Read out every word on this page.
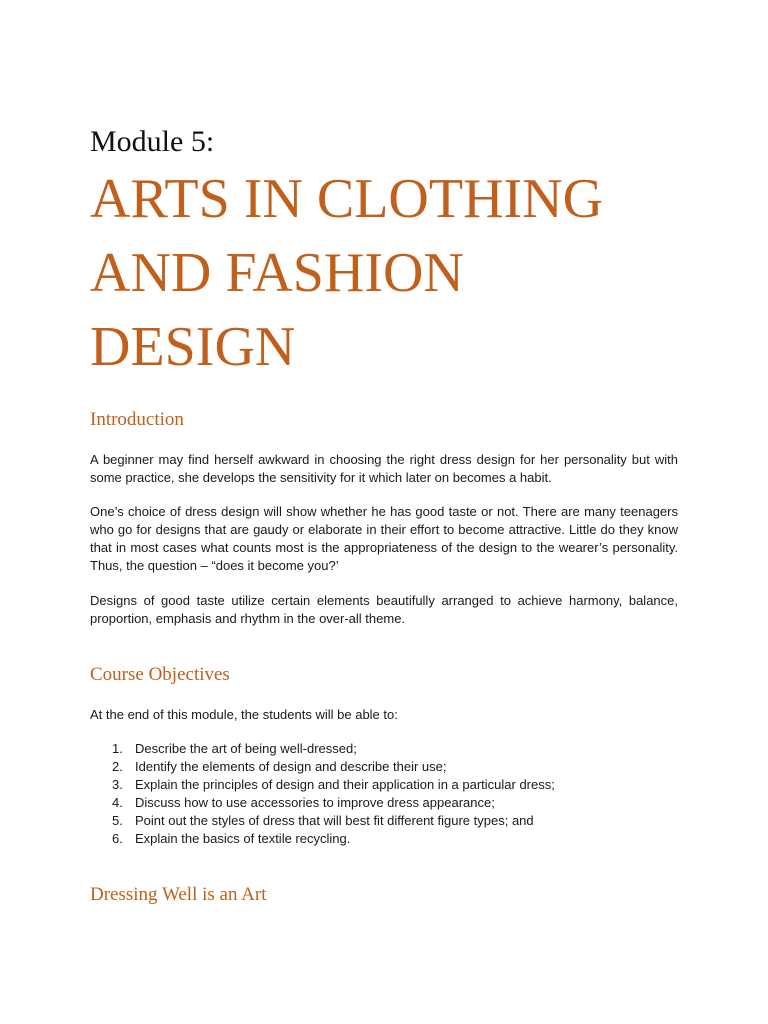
Module 5:
ARTS IN CLOTHING
AND FASHION
DESIGN
Introduction

A beginner may find herself awkward in choosing the right dress design for her personality but with some practice, she develops the sensitivity for it which later on becomes a habit.

One’s choice of dress design will show whether he has good taste or not. There are many teenagers who go for designs that are gaudy or elaborate in their effort to become attractive. Little do they know that in most cases what counts most is the appropriateness of the design to the wearer’s personality. Thus, the question – “does it become you?’

Designs of good taste utilize certain elements beautifully arranged to achieve harmony, balance, proportion, emphasis and rhythm in the over-all theme.

Course Objectives

At the end of this module, the students will be able to:

1. Describe the art of being well-dressed;
2. Identify the elements of design and describe their use;
3. Explain the principles of design and their application in a particular dress;
4. Discuss how to use accessories to improve dress appearance;
5. Point out the styles of dress that will best fit different figure types; and
6. Explain the basics of textile recycling.
Dressing Well is an Art
